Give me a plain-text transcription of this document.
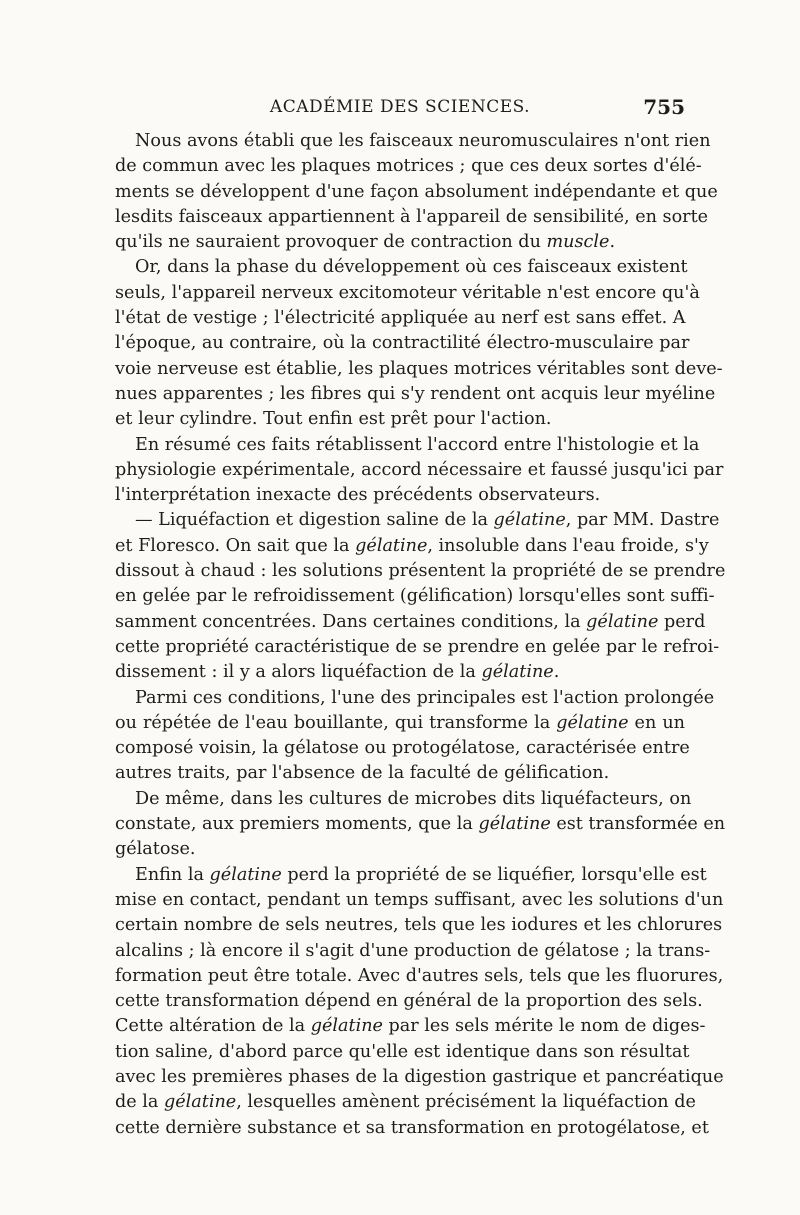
ACADÉMIE DES SCIENCES.	755
Nous avons établi que les faisceaux neuromusculaires n'ont rien
de commun avec les plaques motrices ; que ces deux sortes d'élé-
ments se développent d'une façon absolument indépendante et que
lesdits faisceaux appartiennent à l'appareil de sensibilité, en sorte
qu'ils ne sauraient provoquer de contraction du muscle.
Or, dans la phase du développement où ces faisceaux existent
seuls, l'appareil nerveux excitomoteur véritable n'est encore qu'à
l'état de vestige ; l'électricité appliquée au nerf est sans effet. A
l'époque, au contraire, où la contractilité électro-musculaire par
voie nerveuse est établie, les plaques motrices véritables sont deve-
nues apparentes ; les fibres qui s'y rendent ont acquis leur myéline
et leur cylindre. Tout enfin est prêt pour l'action.
En résumé ces faits rétablissent l'accord entre l'histologie et la
physiologie expérimentale, accord nécessaire et faussé jusqu'ici par
l'interprétation inexacte des précédents observateurs.
— Liquéfaction et digestion saline de la gélatine, par MM. Dastre
et Floresco. On sait que la gélatine, insoluble dans l'eau froide, s'y
dissout à chaud : les solutions présentent la propriété de se prendre
en gelée par le refroidissement (gélification) lorsqu'elles sont suffi-
samment concentrées. Dans certaines conditions, la gélatine perd
cette propriété caractéristique de se prendre en gelée par le refroi-
dissement : il y a alors liquéfaction de la gélatine.
Parmi ces conditions, l'une des principales est l'action prolongée
ou répétée de l'eau bouillante, qui transforme la gélatine en un
composé voisin, la gélatose ou protogélatose, caractérisée entre
autres traits, par l'absence de la faculté de gélification.
De même, dans les cultures de microbes dits liquéfacteurs, on
constate, aux premiers moments, que la gélatine est transformée en
gélatose.
Enfin la gélatine perd la propriété de se liquéfier, lorsqu'elle est
mise en contact, pendant un temps suffisant, avec les solutions d'un
certain nombre de sels neutres, tels que les iodures et les chlorures
alcalins ; là encore il s'agit d'une production de gélatose ; la trans-
formation peut être totale. Avec d'autres sels, tels que les fluorures,
cette transformation dépend en général de la proportion des sels.
Cette altération de la gélatine par les sels mérite le nom de diges-
tion saline, d'abord parce qu'elle est identique dans son résultat
avec les premières phases de la digestion gastrique et pancréatique
de la gélatine, lesquelles amènent précisément la liquéfaction de
cette dernière substance et sa transformation en protogélatose, et
